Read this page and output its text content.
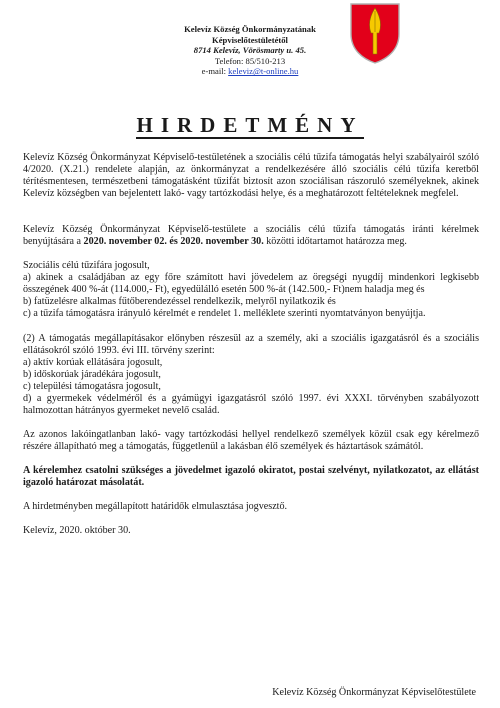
Kelevíz Község Önkormányzatának
Képviselőtestületétől
8714 Kelevíz, Vörösmarty u. 45.
Telefon: 85/510-213
e-mail: keleviz@t-online.hu
HIRDETMÉNY

Kelevíz Község Önkormányzat Képviselő-testületének a szociális célú tűzifa támogatás helyi szabályairól szóló 4/2020. (X.21.) rendelete alapján, az önkormányzat a rendelkezésére álló szociális célú tűzifa keretből térítésmentesen, természetbeni támogatásként tűzifát biztosít azon szociálisan rászoruló személyeknek, akinek Kelevíz községben van bejelentett lakó- vagy tartózkodási helye, és a meghatározott feltételeknek megfelel.

Kelevíz Község Önkormányzat Képviselő-testülete a szociális célú tűzifa támogatás iránti kérelmek benyújtására a 2020. november 02. és 2020. november 30. közötti időtartamot határozza meg.

Szociális célú tűzifára jogosult,

a) akinek a családjában az egy főre számított havi jövedelem az öregségi nyugdíj mindenkori legkisebb összegének 400 %-át (114.000,- Ft), egyedülálló esetén 500 %-át (142.500,- Ft)nem haladja meg és

b) fatüzelésre alkalmas fűtőberendezéssel rendelkezik, melyről nyilatkozik és

c) a tűzifa támogatásra irányuló kérelmét e rendelet 1. melléklete szerinti nyomtatványon benyújtja.

(2) A támogatás megállapításakor előnyben részesül az a személy, aki a szociális igazgatásról és a szociális ellátásokról szóló 1993. évi III. törvény szerint:

a) aktív korúak ellátására jogosult,

b) időskorúak járadékára jogosult,

c) települési támogatásra jogosult,

d) a gyermekek védelméről és a gyámügyi igazgatásról szóló 1997. évi XXXI. törvényben szabályozott halmozottan hátrányos gyermeket nevelő család.

Az azonos lakóingatlanban lakó- vagy tartózkodási hellyel rendelkező személyek közül csak egy kérelmező részére állapítható meg a támogatás, függetlenül a lakásban élő személyek és háztartások számától.

A kérelemhez csatolni szükséges a jövedelmet igazoló okiratot, postai szelvényt, nyilatkozatot, az ellátást igazoló határozat másolatát.

A hirdetményben megállapított határidők elmulasztása jogvesztő.

Kelevíz, 2020. október 30.

Kelevíz Község Önkormányzat Képviselőtestülete
